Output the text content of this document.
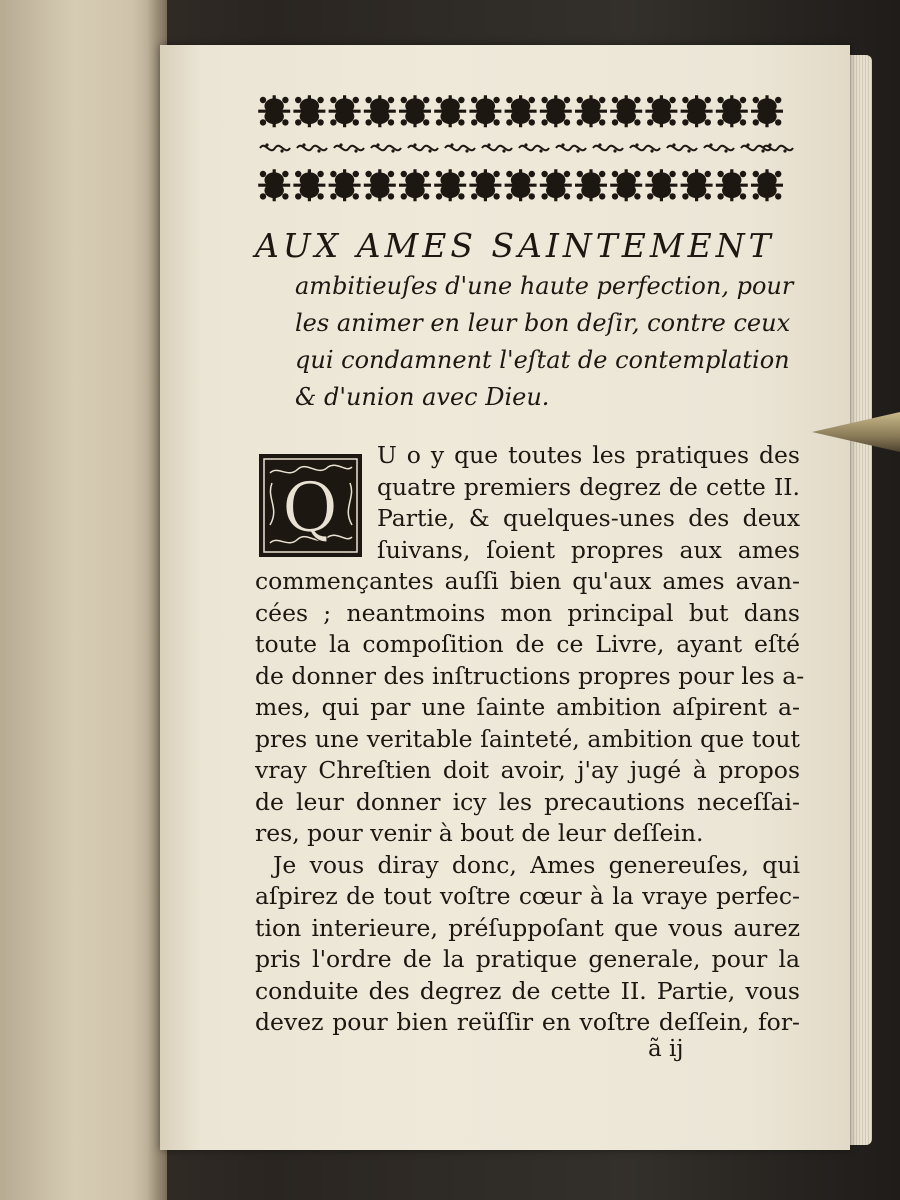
AUX AMES SAINTEMENT
ambitieuſes d'une haute perfection, pour
les animer en leur bon deſir, contre ceux
qui condamnent l'eſtat de contemplation
& d'union avec Dieu.
Q
U o y que toutes les pratiques des
quatre premiers degrez de cette II.
Partie, & quelques-unes des deux
ſuivans, ſoient propres aux ames
commençantes auſſi bien qu'aux ames avan-
cées ; neantmoins mon principal but dans
toute la compoſition de ce Livre, ayant eſté
de donner des inſtructions propres pour les a-
mes, qui par une ſainte ambition aſpirent a-
pres une veritable ſainteté, ambition que tout
vray Chreſtien doit avoir, j'ay jugé à propos
de leur donner icy les precautions neceſſai-
res, pour venir à bout de leur deſſein.
Je vous diray donc, Ames genereuſes, qui
aſpirez de tout voſtre cœur à la vraye perfec-
tion interieure, préſuppoſant que vous aurez
pris l'ordre de la pratique generale, pour la
conduite des degrez de cette II. Partie, vous
devez pour bien reüſſir en voſtre deſſein, for-
ã ij
